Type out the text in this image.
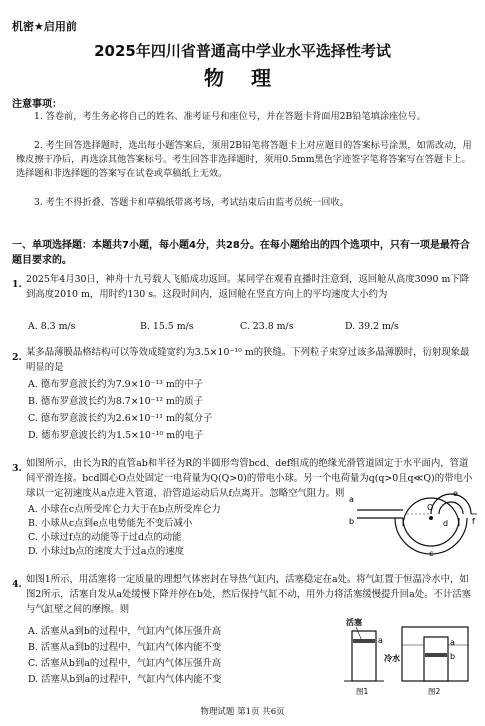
机密★启用前
2025年四川省普通高中学业水平选择性考试
物 理
注意事项：
1. 答卷前，考生务必将自己的姓名、准考证号和座位号，并在答题卡背面用2B铅笔填涂座位号。
2. 考生回答选择题时，选出每小题答案后，须用2B铅笔将答题卡上对应题目的答案标号涂黑，如需改动，用橡皮擦干净后，再选涂其他答案标号。考生回答非选择题时，须用0.5mm黑色字迹签字笔将答案写在答题卡上。选择题和非选择题的答案写在试卷或草稿纸上无效。
3. 考生不得折叠、答题卡和草稿纸带离考场，考试结束后由监考员统一回收。
一、单项选择题：本题共7小题，每小题4分，共28分。在每小题给出的四个选项中，只有一项是最符合题目要求的。
1. 2025年4月30日，神舟十九号载人飞船成功返回。某同学在观看直播时注意到，返回舱从高度3090 m下降到高度2010 m，用时约130 s。这段时间内，返回舱在竖直方向上的平均速度大小约为
A. 8.3 m/s	B. 15.5 m/s	C. 23.8 m/s	D. 39.2 m/s
2. 某多晶薄膜晶格结构可以等效成缝宽约为3.5×10⁻¹⁰ m的狭缝。下列粒子束穿过该多晶薄膜时，衍射现象最明显的是
A. 德布罗意波长约为7.9×10⁻¹³ m的中子
B. 德布罗意波长约为8.7×10⁻¹² m的质子
C. 德布罗意波长约为2.6×10⁻¹¹ m的氦分子
D. 德布罗意波长约为1.5×10⁻¹⁰ m的电子
3. 如图所示，由长为R的直管ab和半径为R的半圆形弯管bcd、def组成的绝缘光滑管道固定于水平面内，管道间平滑连接。bcd圆心O点处固定一电荷量为Q(Q>0)的带电小球。另一个电荷量为q(q>0且q≪Q)的带电小球以一定初速度从a点进入管道，沿管道运动后从f点离开。忽略空气阻力。则
A. 小球在c点所受库仑力大于在b点所受库仑力
B. 小球从c点到e点电势能先不变后减小
C. 小球过f点的动能等于过d点的动能
D. 小球过b点的速度大于过a点的速度
a
b
O
c
d
e
f
4. 如图1所示，用活塞将一定质量的理想气体密封在导热气缸内，活塞稳定在a处。将气缸置于恒温冷水中，如图2所示，活塞自发从a处缓慢下降并停在b处，然后保持气缸不动，用外力将活塞缓慢提升回a处。不计活塞与气缸壁之间的摩擦。则
A. 活塞从a到b的过程中，气缸内气体压强升高
B. 活塞从a到b的过程中，气缸内气体内能不变
C. 活塞从b到a的过程中，气缸内气体压强升高
D. 活塞从b到a的过程中，气缸内气体内能不变
活塞
a
图1
冷水
a
b
图2
物理试题 第1页 共6页
